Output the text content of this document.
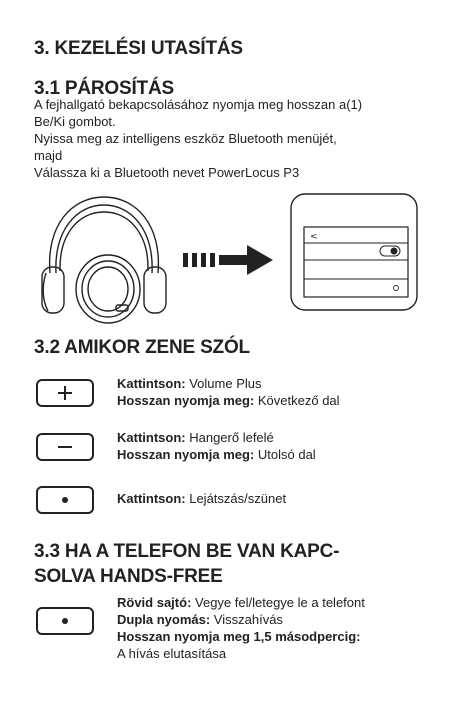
3. KEZELÉSI UTASÍTÁS
3.1 PÁROSÍTÁS
A fejhallgató bekapcsolásához nyomja meg hosszan a(1)
Be/Ki gombot.
Nyissa meg az intelligens eszköz Bluetooth menüjét,
majd
Válassza ki a Bluetooth nevet PowerLocus P3
<
3.2 AMIKOR ZENE SZÓL
Kattintson: Volume Plus
Hosszan nyomja meg: Következő dal
Kattintson: Hangerő lefelé
Hosszan nyomja meg: Utolsó dal
Kattintson: Lejátszás/szünet
3.3 HA A TELEFON BE VAN KAPC-
SOLVA HANDS-FREE
Rövid sajtó: Vegye fel/letegye le a telefont
Dupla nyomás: Visszahívás
Hosszan nyomja meg 1,5 másodpercig:
A hívás elutasítása
